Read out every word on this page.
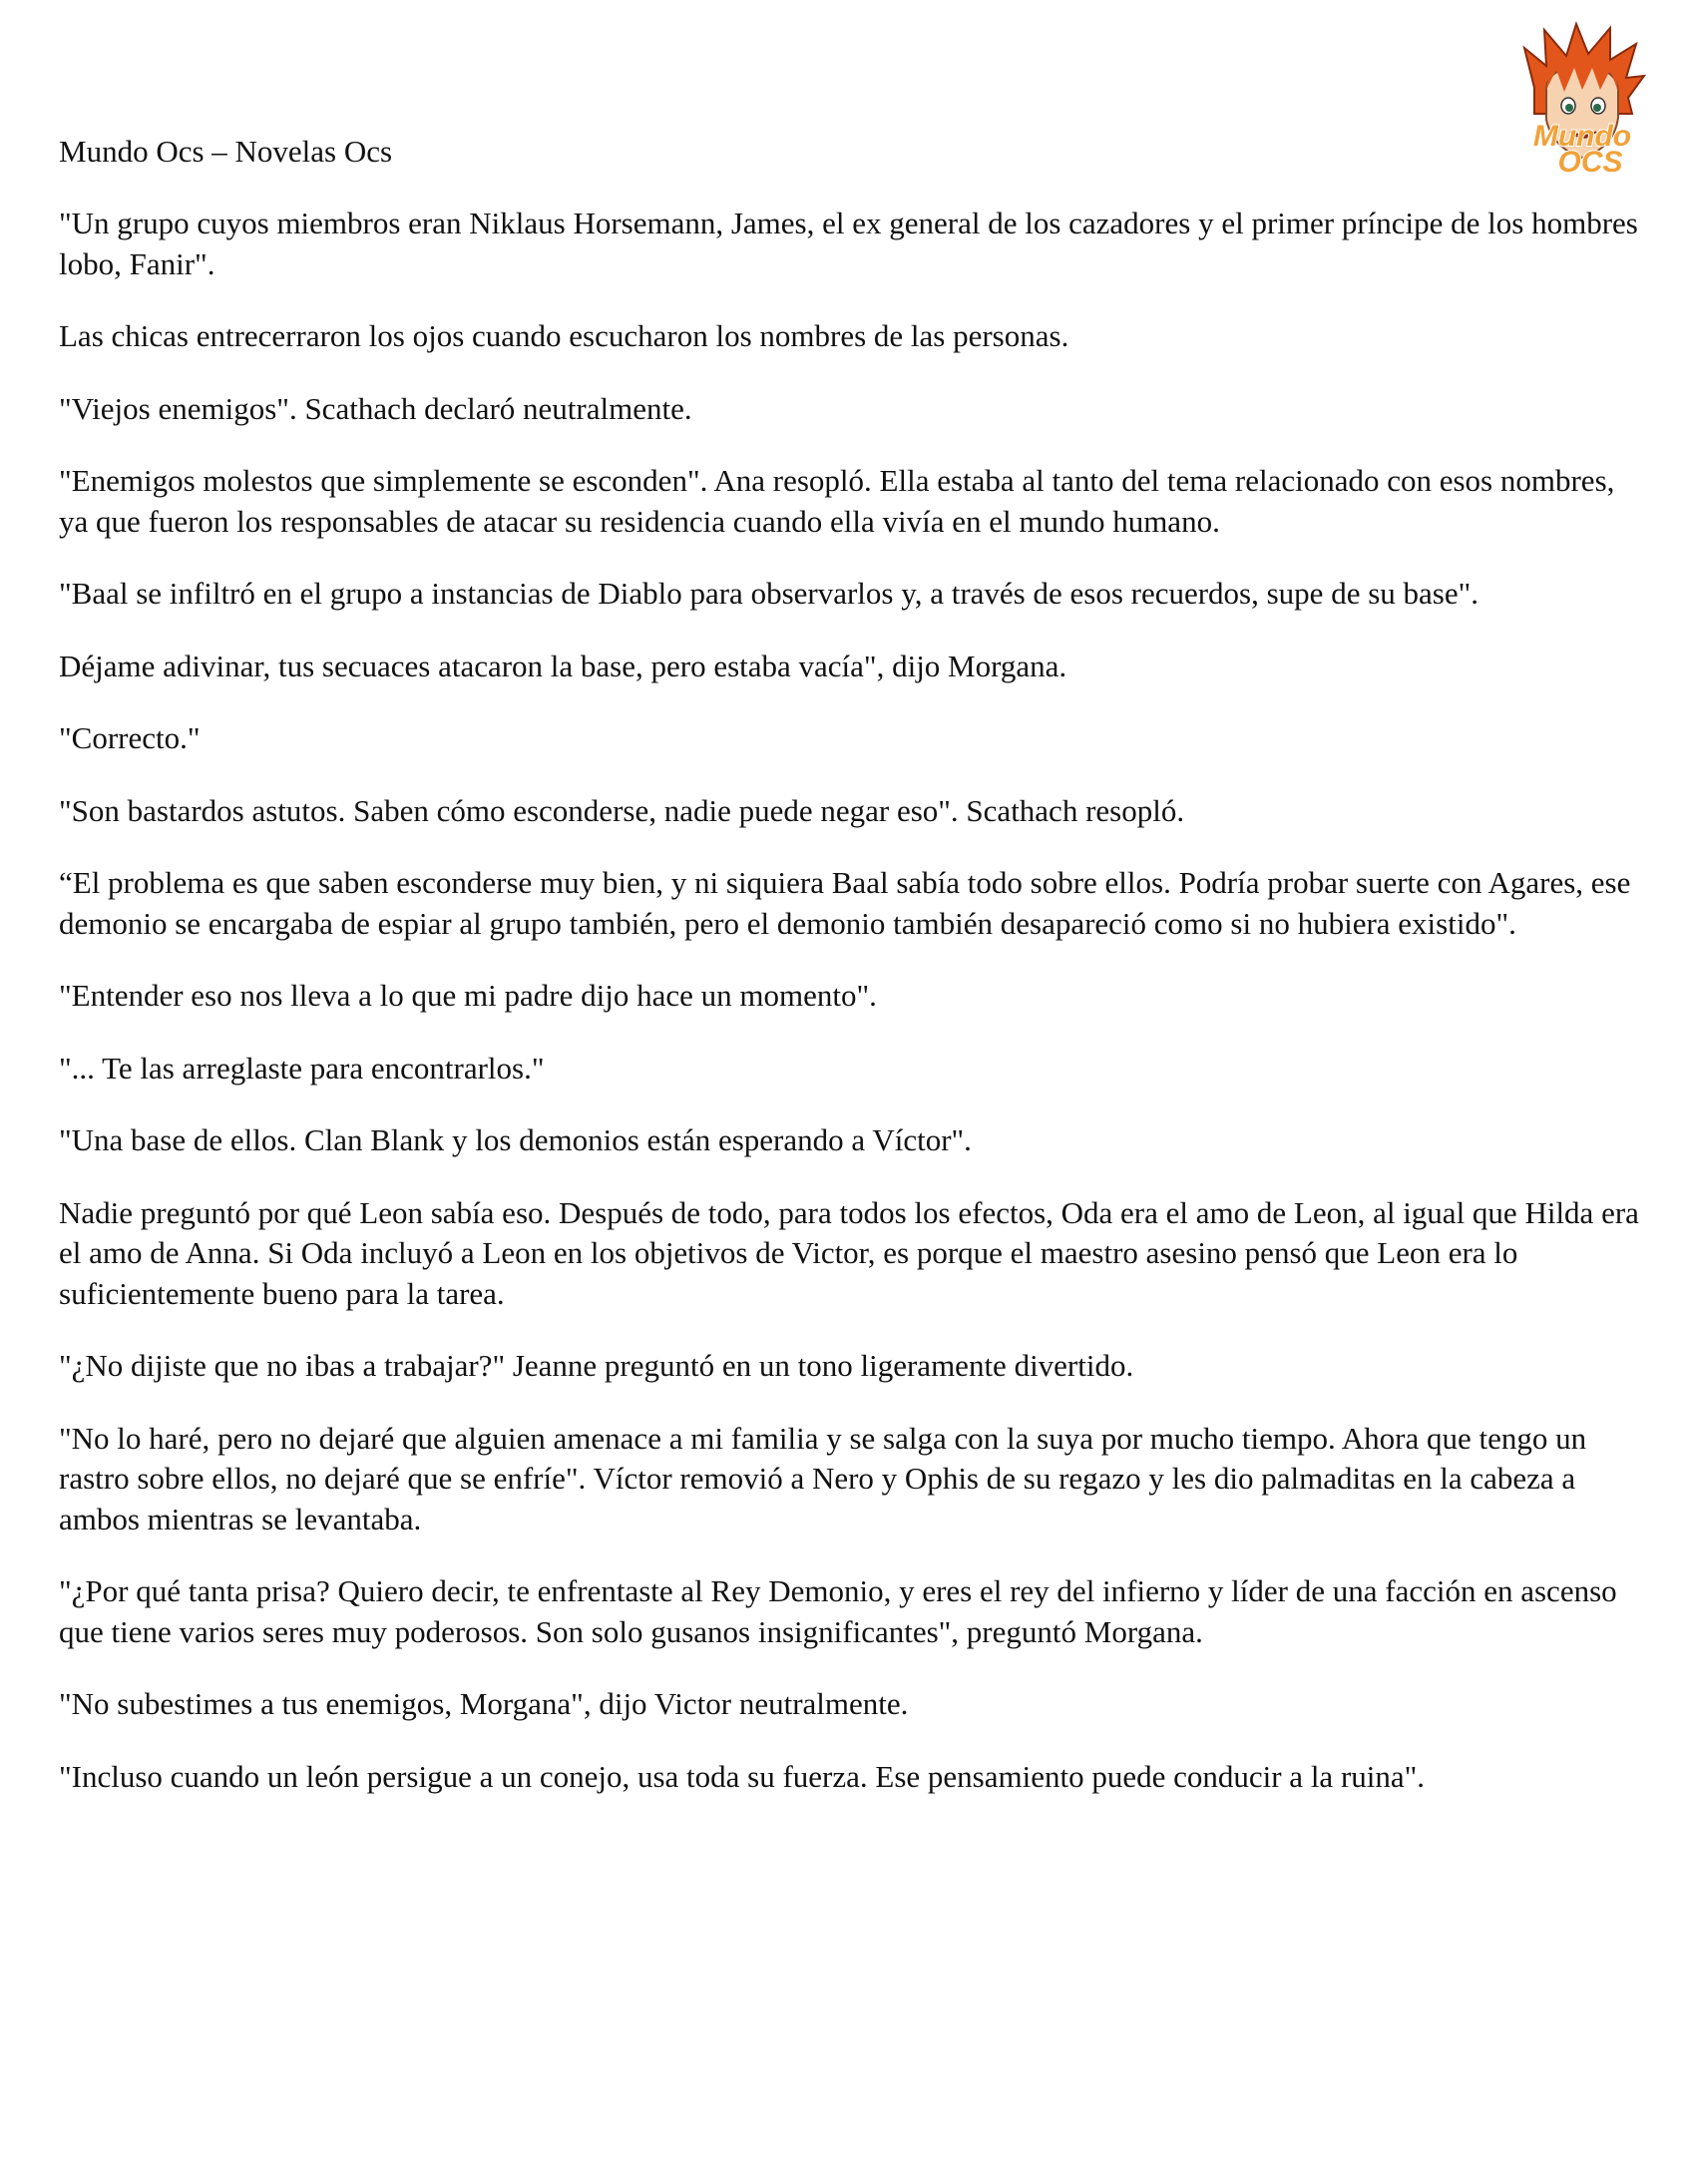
Mundo Ocs – Novelas Ocs	Mundo
OCS

"Un grupo cuyos miembros eran Niklaus Horsemann, James, el ex general de los cazadores y el primer príncipe de los hombres lobo, Fanir".

Las chicas entrecerraron los ojos cuando escucharon los nombres de las personas.

"Viejos enemigos". Scathach declaró neutralmente.

"Enemigos molestos que simplemente se esconden". Ana resopló. Ella estaba al tanto del tema relacionado con esos nombres, ya que fueron los responsables de atacar su residencia cuando ella vivía en el mundo humano.

"Baal se infiltró en el grupo a instancias de Diablo para observarlos y, a través de esos recuerdos, supe de su base".

Déjame adivinar, tus secuaces atacaron la base, pero estaba vacía", dijo Morgana.

"Correcto."

"Son bastardos astutos. Saben cómo esconderse, nadie puede negar eso". Scathach resopló.

“El problema es que saben esconderse muy bien, y ni siquiera Baal sabía todo sobre ellos. Podría probar suerte con Agares, ese demonio se encargaba de espiar al grupo también, pero el demonio también desapareció como si no hubiera existido".

"Entender eso nos lleva a lo que mi padre dijo hace un momento".

"... Te las arreglaste para encontrarlos."

"Una base de ellos. Clan Blank y los demonios están esperando a Víctor".

Nadie preguntó por qué Leon sabía eso. Después de todo, para todos los efectos, Oda era el amo de Leon, al igual que Hilda era el amo de Anna. Si Oda incluyó a Leon en los objetivos de Victor, es porque el maestro asesino pensó que Leon era lo suficientemente bueno para la tarea.

"¿No dijiste que no ibas a trabajar?" Jeanne preguntó en un tono ligeramente divertido.

"No lo haré, pero no dejaré que alguien amenace a mi familia y se salga con la suya por mucho tiempo. Ahora que tengo un rastro sobre ellos, no dejaré que se enfríe". Víctor removió a Nero y Ophis de su regazo y les dio palmaditas en la cabeza a ambos mientras se levantaba.

"¿Por qué tanta prisa? Quiero decir, te enfrentaste al Rey Demonio, y eres el rey del infierno y líder de una facción en ascenso que tiene varios seres muy poderosos. Son solo gusanos insignificantes", preguntó Morgana.

"No subestimes a tus enemigos, Morgana", dijo Victor neutralmente.

"Incluso cuando un león persigue a un conejo, usa toda su fuerza. Ese pensamiento puede conducir a la ruina".
